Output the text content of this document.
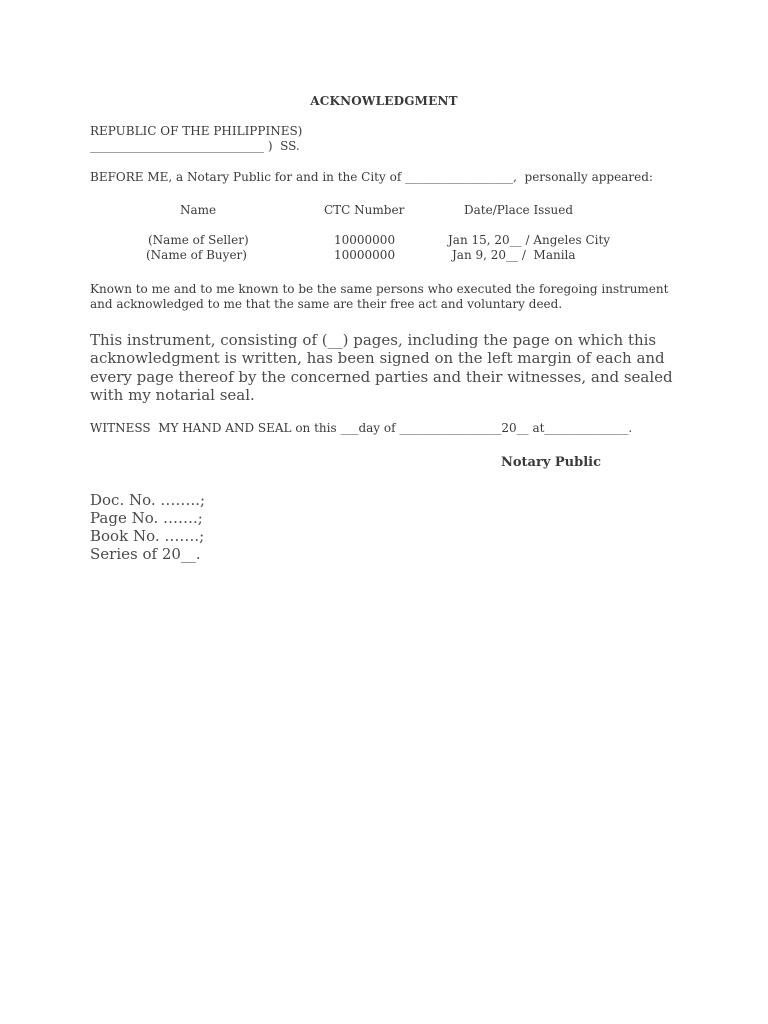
ACKNOWLEDGMENT
REPUBLIC OF THE PHILIPPINES)
_____________________________ )  SS.
BEFORE ME, a Notary Public for and in the City of __________________,  personally appeared:
Name	CTC Number	Date/Place Issued
(Name of Seller)	10000000	Jan 15, 20__ / Angeles City
(Name of Buyer)	10000000	Jan 9, 20__ /  Manila
Known to me and to me known to be the same persons who executed the foregoing instrument
and acknowledged to me that the same are their free act and voluntary deed.
This instrument, consisting of (__) pages, including the page on which this acknowledgment is written, has been signed on the left margin of each and every page thereof by the concerned parties and their witnesses, and sealed with my notarial seal.
WITNESS  MY HAND AND SEAL on this ___day of _________________20__ at______________.
Notary Public
Doc. No. ……..;
Page No. …….;
Book No. …….;
Series of 20__.
